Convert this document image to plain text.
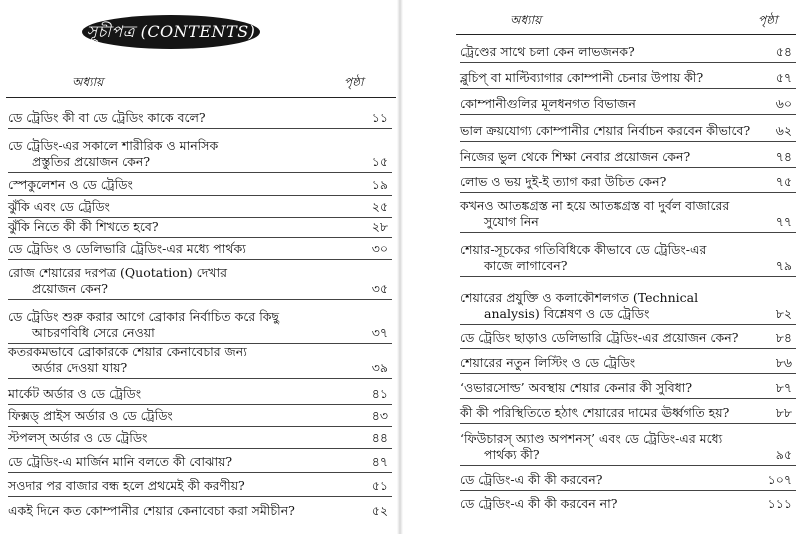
সূচীপত্র (CONTENTS)
অধ্যায়	পৃষ্ঠা
ডে ট্রেডিং কী বা ডে ট্রেডিং কাকে বলে?	১১
ডে ট্রেডিং-এর সকালে শারীরিক ও মানসিক
প্রস্তুতির প্রয়োজন কেন?	১৫
স্পেকুলেশন ও ডে ট্রেডিং	১৯
ঝুঁকি এবং ডে ট্রেডিং	২৫
ঝুঁকি নিতে কী কী শিখতে হবে?	২৮
ডে ট্রেডিং ও ডেলিভারি ট্রেডিং-এর মধ্যে পার্থক্য	৩০
রোজ শেয়ারের দরপত্র (Quotation) দেখার
প্রয়োজন কেন?	৩৫
ডে ট্রেডিং শুরু করার আগে ব্রোকার নির্বাচিত করে কিছু
আচরণবিধি সেরে নেওয়া	৩৭
কতরকমভাবে ব্রোকারকে শেয়ার কেনাবেচার জন্য
অর্ডার দেওয়া যায়?	৩৯
মার্কেট অর্ডার ও ডে ট্রেডিং	৪১
ফিক্সড্ প্রাইস অর্ডার ও ডে ট্রেডিং	৪৩
স্টপলস্ অর্ডার ও ডে ট্রেডিং	৪৪
ডে ট্রেডিং-এ মার্জিন মানি বলতে কী বোঝায়?	৪৭
সওদার পর বাজার বন্ধ হলে প্রথমেই কী করণীয়?	৫১
একই দিনে কত কোম্পানীর শেয়ার কেনাবেচা করা সমীচীন?	৫২
অধ্যায়	পৃষ্ঠা
ট্রেণ্ডের সাথে চলা কেন লাভজনক?	৫৪
ব্লুচিপ্ বা মাল্টিব্যাগার কোম্পানী চেনার উপায় কী?	৫৭
কোম্পানীগুলির মূলধনগত বিভাজন	৬০
ভাল ক্রয়যোগ্য কোম্পানীর শেয়ার নির্বাচন করবেন কীভাবে?	৬২
নিজের ভুল থেকে শিক্ষা নেবার প্রয়োজন কেন?	৭৪
লোভ ও ভয় দুই-ই ত্যাগ করা উচিত কেন?	৭৫
কখনও আতঙ্কগ্রস্ত না হয়ে আতঙ্কগ্রস্ত বা দুর্বল বাজারের
সুযোগ নিন	৭৭
শেয়ার-সূচকের গতিবিধিকে কীভাবে ডে ট্রেডিং-এর
কাজে লাগাবেন?	৭৯
শেয়ারের প্রযুক্তি ও কলাকৌশলগত (Technical
analysis) বিশ্লেষণ ও ডে ট্রেডিং	৮২
ডে ট্রেডিং ছাড়াও ডেলিভারি ট্রেডিং-এর প্রয়োজন কেন?	৮৪
শেয়ারের নতুন লিস্টিং ও ডে ট্রেডিং	৮৬
‘ওভারসোল্ড’ অবস্থায় শেয়ার কেনার কী সুবিধা?	৮৭
কী কী পরিস্থিতিতে হঠাৎ শেয়ারের দামের ঊর্ধ্বগতি হয়?	৮৮
‘ফিউচারস্ অ্যাণ্ড অপশনস্’ এবং ডে ট্রেডিং-এর মধ্যে
পার্থক্য কী?	৯৫
ডে ট্রেডিং-এ কী কী করবেন?	১০৭
ডে ট্রেডিং-এ কী কী করবেন না?	১১১
